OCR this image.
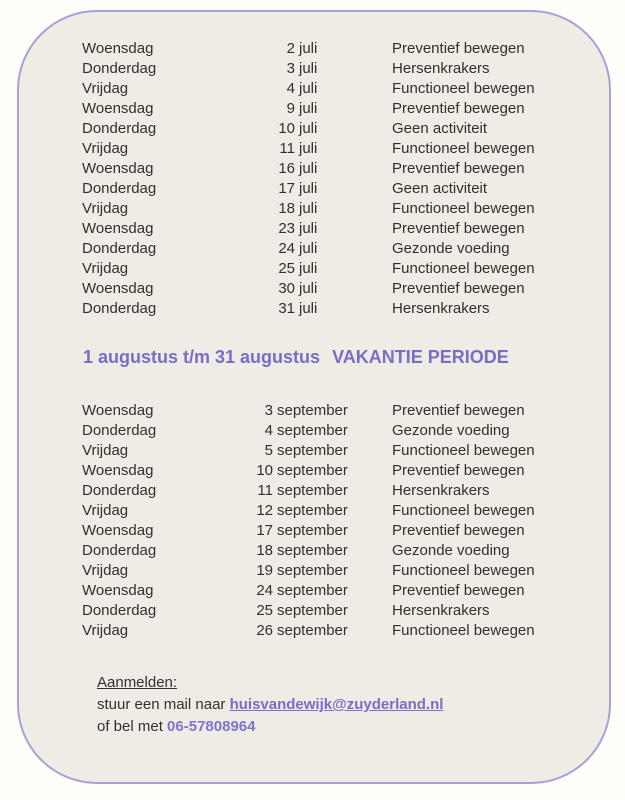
Woensdag	2 juli	Preventief bewegen
Donderdag	3 juli	Hersenkrakers
Vrijdag	4 juli	Functioneel bewegen
Woensdag	9 juli	Preventief bewegen
Donderdag	10 juli	Geen activiteit
Vrijdag	11 juli	Functioneel bewegen
Woensdag	16 juli	Preventief bewegen
Donderdag	17 juli	Geen activiteit
Vrijdag	18 juli	Functioneel bewegen
Woensdag	23 juli	Preventief bewegen
Donderdag	24 juli	Gezonde voeding
Vrijdag	25 juli	Functioneel bewegen
Woensdag	30 juli	Preventief bewegen
Donderdag	31 juli	Hersenkrakers
1 augustus t/m 31 augustus VAKANTIE PERIODE
Woensdag	3 september	Preventief bewegen
Donderdag	4 september	Gezonde voeding
Vrijdag	5 september	Functioneel bewegen
Woensdag	10 september	Preventief bewegen
Donderdag	11 september	Hersenkrakers
Vrijdag	12 september	Functioneel bewegen
Woensdag	17 september	Preventief bewegen
Donderdag	18 september	Gezonde voeding
Vrijdag	19 september	Functioneel bewegen
Woensdag	24 september	Preventief bewegen
Donderdag	25 september	Hersenkrakers
Vrijdag	26 september	Functioneel bewegen
Aanmelden:
stuur een mail naar huisvandewijk@zuyderland.nl
of bel met 06-57808964
